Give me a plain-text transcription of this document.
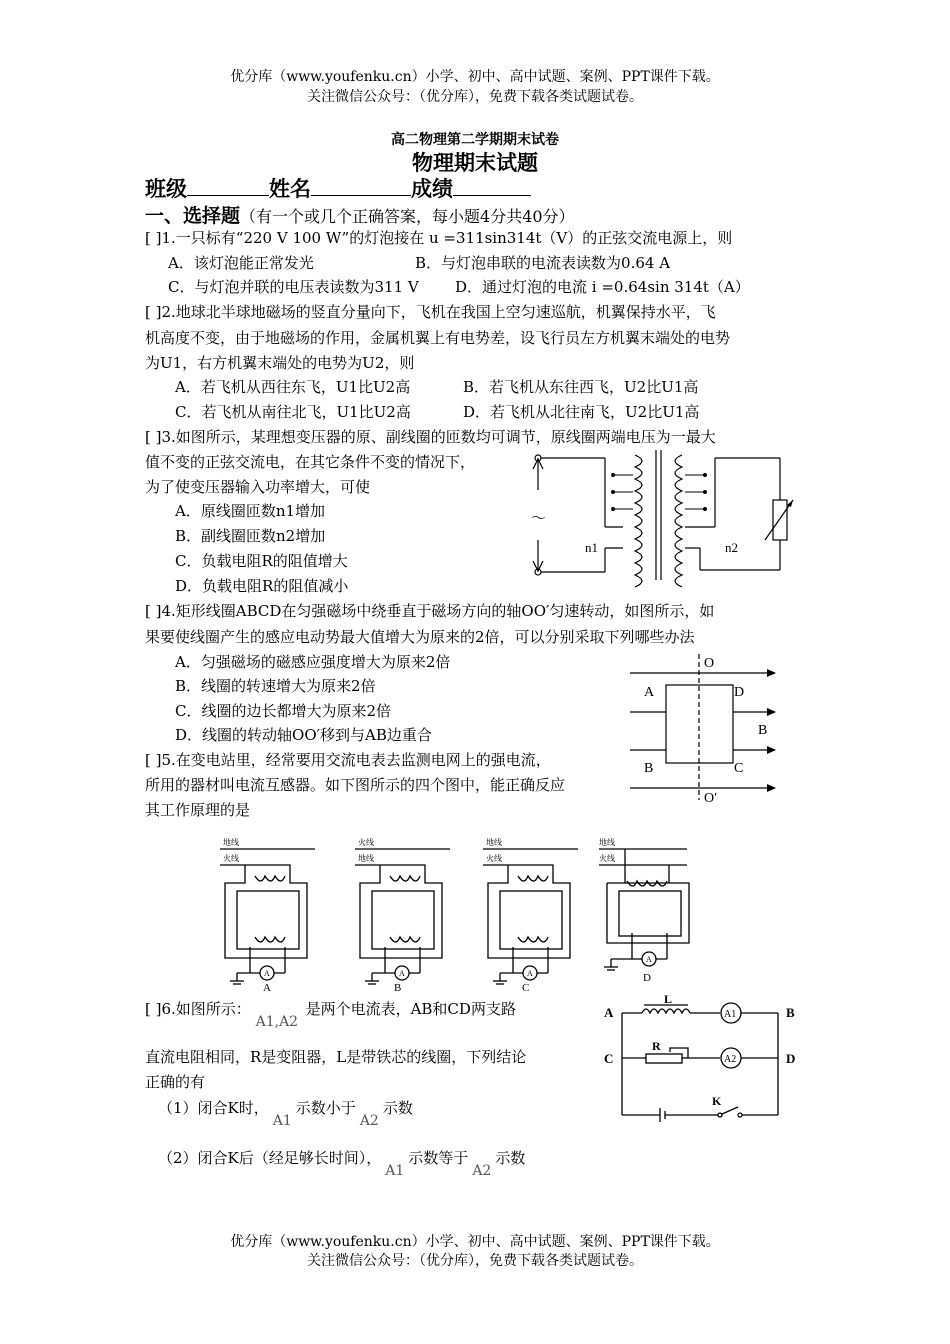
优分库（www.youfenku.cn）小学、初中、高中试题、案例、PPT课件下载。
关注微信公众号：（优分库），免费下载各类试题试卷。
高二物理第二学期期末试卷
物理期末试题
班级	姓名	成绩
一、选择题（有一个或几个正确答案，每小题4分共40分）
[ ]1.一只标有“220 V 100 W”的灯泡接在 u =311sin314t（V）的正弦交流电源上，则
A．该灯泡能正常发光	B．与灯泡串联的电流表读数为0.64 A
C．与灯泡并联的电压表读数为311 V D．通过灯泡的电流 i =0.64sin 314t（A）
[ ]2.地球北半球地磁场的竖直分量向下，飞机在我国上空匀速巡航，机翼保持水平，飞
机高度不变，由于地磁场的作用，金属机翼上有电势差，设飞行员左方机翼末端处的电势
为U1，右方机翼末端处的电势为U2，则
A．若飞机从西往东飞，U1比U2高	B．若飞机从东往西飞，U2比U1高
C．若飞机从南往北飞，U1比U2高	D．若飞机从北往南飞，U2比U1高
[ ]3.如图所示，某理想变压器的原、副线圈的匝数均可调节，原线圈两端电压为一最大
值不变的正弦交流电，在其它条件不变的情况下，
为了使变压器输入功率增大，可使
A．原线圈匝数n1增加
B．副线圈匝数n2增加
C．负载电阻R的阻值增大
D．负载电阻R的阻值减小
～
n1	n2
[ ]4.矩形线圈ABCD在匀强磁场中绕垂直于磁场方向的轴OO′匀速转动，如图所示，如
果要使线圈产生的感应电动势最大值增大为原来的2倍，可以分别采取下列哪些办法
A．匀强磁场的磁感应强度增大为原来2倍
B．线圈的转速增大为原来2倍
C．线圈的边长都增大为原来2倍
D．线圈的转动轴OO′移到与AB边重合
O
O′
A	D
B	C
B
[ ]5.在变电站里，经常要用交流电表去监测电网上的强电流，
所用的器材叫电流互感器。如下图所示的四个图中，能正确反应
其工作原理的是
地线
火线
A
A
火线
地线
A
B
地线
火线
A
C
地线
火线
A
D
[ ]6.如图所示： A1,A2是两个电流表，AB和CD两支路
直流电阻相同，R是变阻器，L是带铁芯的线圈，下列结论
正确的有
（1）闭合K时，A1示数小于A2示数
（2）闭合K后（经足够长时间），A1示数等于A2示数
A	B
C	D
L
R
K
A1
A2
优分库（www.youfenku.cn）小学、初中、高中试题、案例、PPT课件下载。
关注微信公众号：（优分库），免费下载各类试题试卷。
